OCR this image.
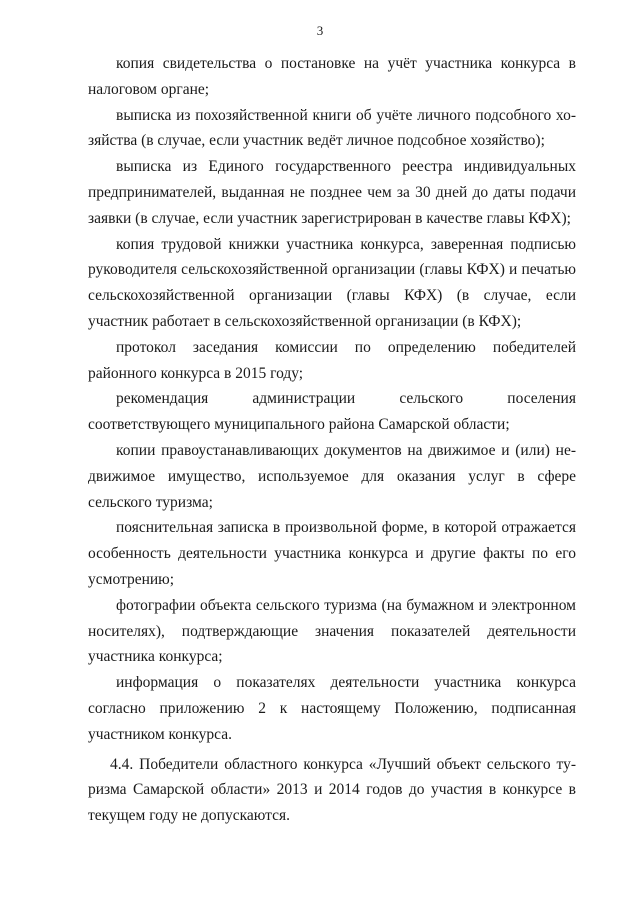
3

копия свидетельства о постановке на учёт участника конкурса в налоговом органе;

выписка из похозяйственной книги об учёте личного подсобного хозяйства (в случае, если участник ведёт личное подсобное хозяйство);

выписка из Единого государственного реестра индивидуальных предпринимателей, выданная не позднее чем за 30 дней до даты подачи заявки (в случае, если участник зарегистрирован в качестве главы КФХ);

копия трудовой книжки участника конкурса, заверенная подписью руководителя сельскохозяйственной организации (главы КФХ) и печатью сельскохозяйственной организации (главы КФХ) (в случае, если участник работает в сельскохозяйственной организации (в КФХ);

протокол заседания комиссии по определению победителей районного конкурса в 2015 году;

рекомендация администрации сельского поселения соответствующего муниципального района Самарской области;

копии правоустанавливающих документов на движимое и (или) недвижимое имущество, используемое для оказания услуг в сфере сельского туризма;

пояснительная записка в произвольной форме, в которой отражается особенность деятельности участника конкурса и другие факты по его усмотрению;

фотографии объекта сельского туризма (на бумажном и электронном носителях), подтверждающие значения показателей деятельности участника конкурса;

информация о показателях деятельности участника конкурса согласно приложению 2 к настоящему Положению, подписанная участником конкурса.

4.4. Победители областного конкурса «Лучший объект сельского туризма Самарской области» 2013 и 2014 годов до участия в конкурсе в текущем году не допускаются.
